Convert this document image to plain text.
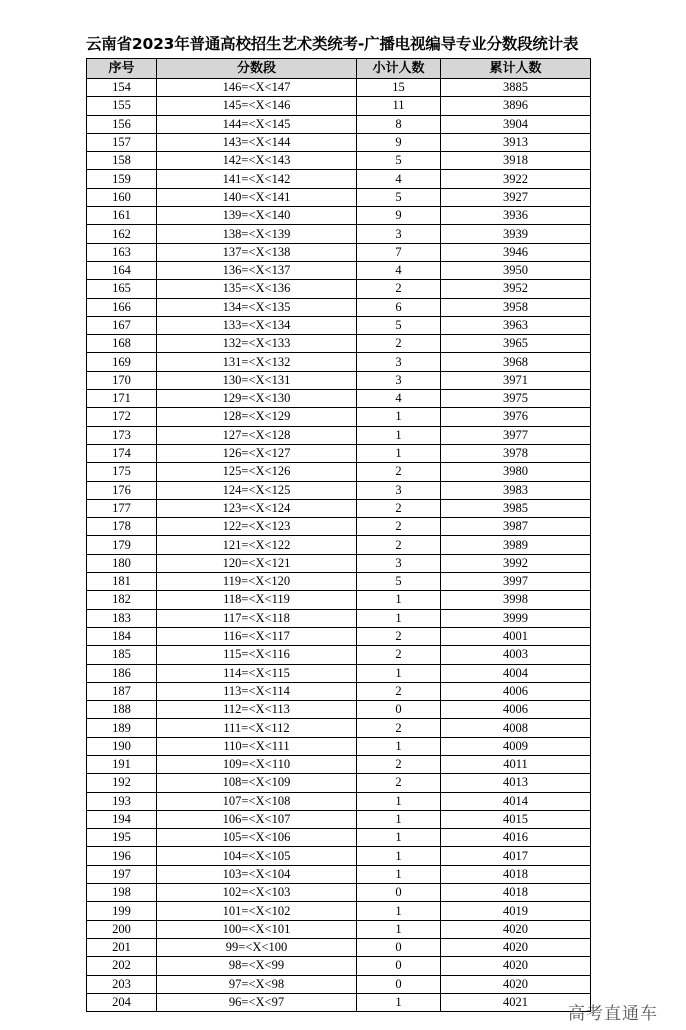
云南省2023年普通高校招生艺术类统考-广播电视编导专业分数段统计表
序号	分数段	小计人数	累计人数
154	146=<X<147	15	3885
155	145=<X<146	11	3896
156	144=<X<145	8	3904
157	143=<X<144	9	3913
158	142=<X<143	5	3918
159	141=<X<142	4	3922
160	140=<X<141	5	3927
161	139=<X<140	9	3936
162	138=<X<139	3	3939
163	137=<X<138	7	3946
164	136=<X<137	4	3950
165	135=<X<136	2	3952
166	134=<X<135	6	3958
167	133=<X<134	5	3963
168	132=<X<133	2	3965
169	131=<X<132	3	3968
170	130=<X<131	3	3971
171	129=<X<130	4	3975
172	128=<X<129	1	3976
173	127=<X<128	1	3977
174	126=<X<127	1	3978
175	125=<X<126	2	3980
176	124=<X<125	3	3983
177	123=<X<124	2	3985
178	122=<X<123	2	3987
179	121=<X<122	2	3989
180	120=<X<121	3	3992
181	119=<X<120	5	3997
182	118=<X<119	1	3998
183	117=<X<118	1	3999
184	116=<X<117	2	4001
185	115=<X<116	2	4003
186	114=<X<115	1	4004
187	113=<X<114	2	4006
188	112=<X<113	0	4006
189	111=<X<112	2	4008
190	110=<X<111	1	4009
191	109=<X<110	2	4011
192	108=<X<109	2	4013
193	107=<X<108	1	4014
194	106=<X<107	1	4015
195	105=<X<106	1	4016
196	104=<X<105	1	4017
197	103=<X<104	1	4018
198	102=<X<103	0	4018
199	101=<X<102	1	4019
200	100=<X<101	1	4020
201	99=<X<100	0	4020
202	98=<X<99	0	4020
203	97=<X<98	0	4020
204	96=<X<97	1	4021
高考直通车
